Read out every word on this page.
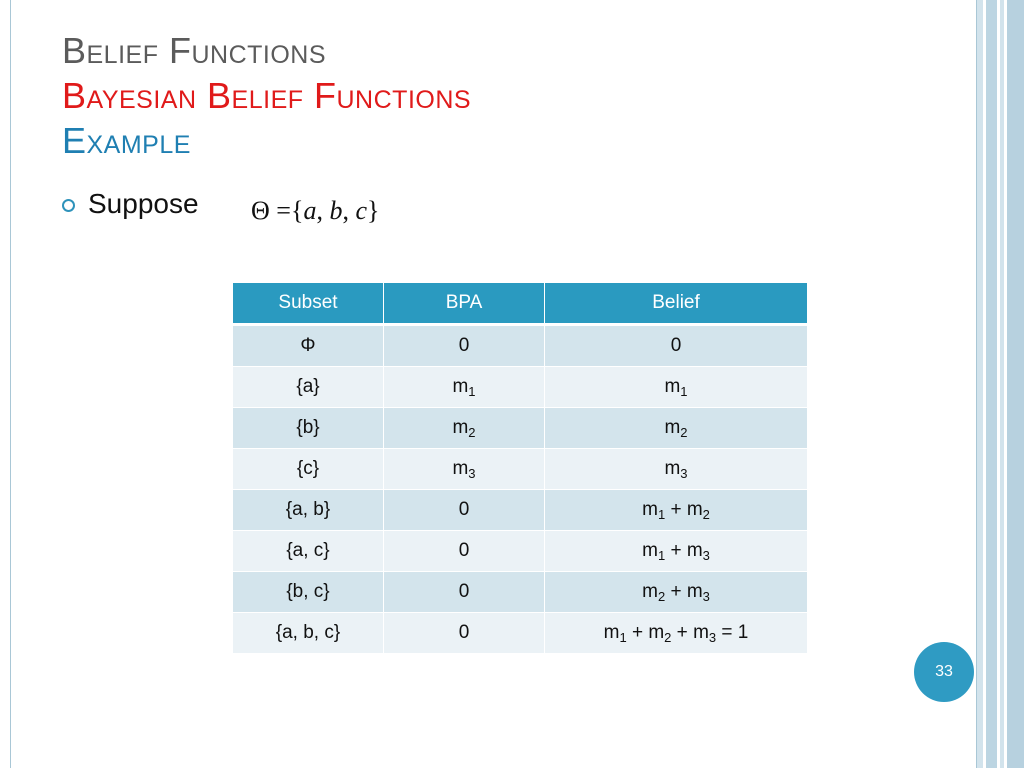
Belief Functions
Bayesian Belief Functions
Example
Suppose Θ ={a, b, c}
Subset	BPA	Belief
Φ	0	0
{a}	$m_1$	$m_1$
{b}	$m_2$	$m_2$
{c}	$m_3$	$m_3$
{a, b}	0	$m_1 + m_2$
{a, c}	0	$m_1 + m_3$
{b, c}	0	$m_2 + m_3$
{a, b, c}	0	$m_1 + m_2 + m_3 = 1$
33
